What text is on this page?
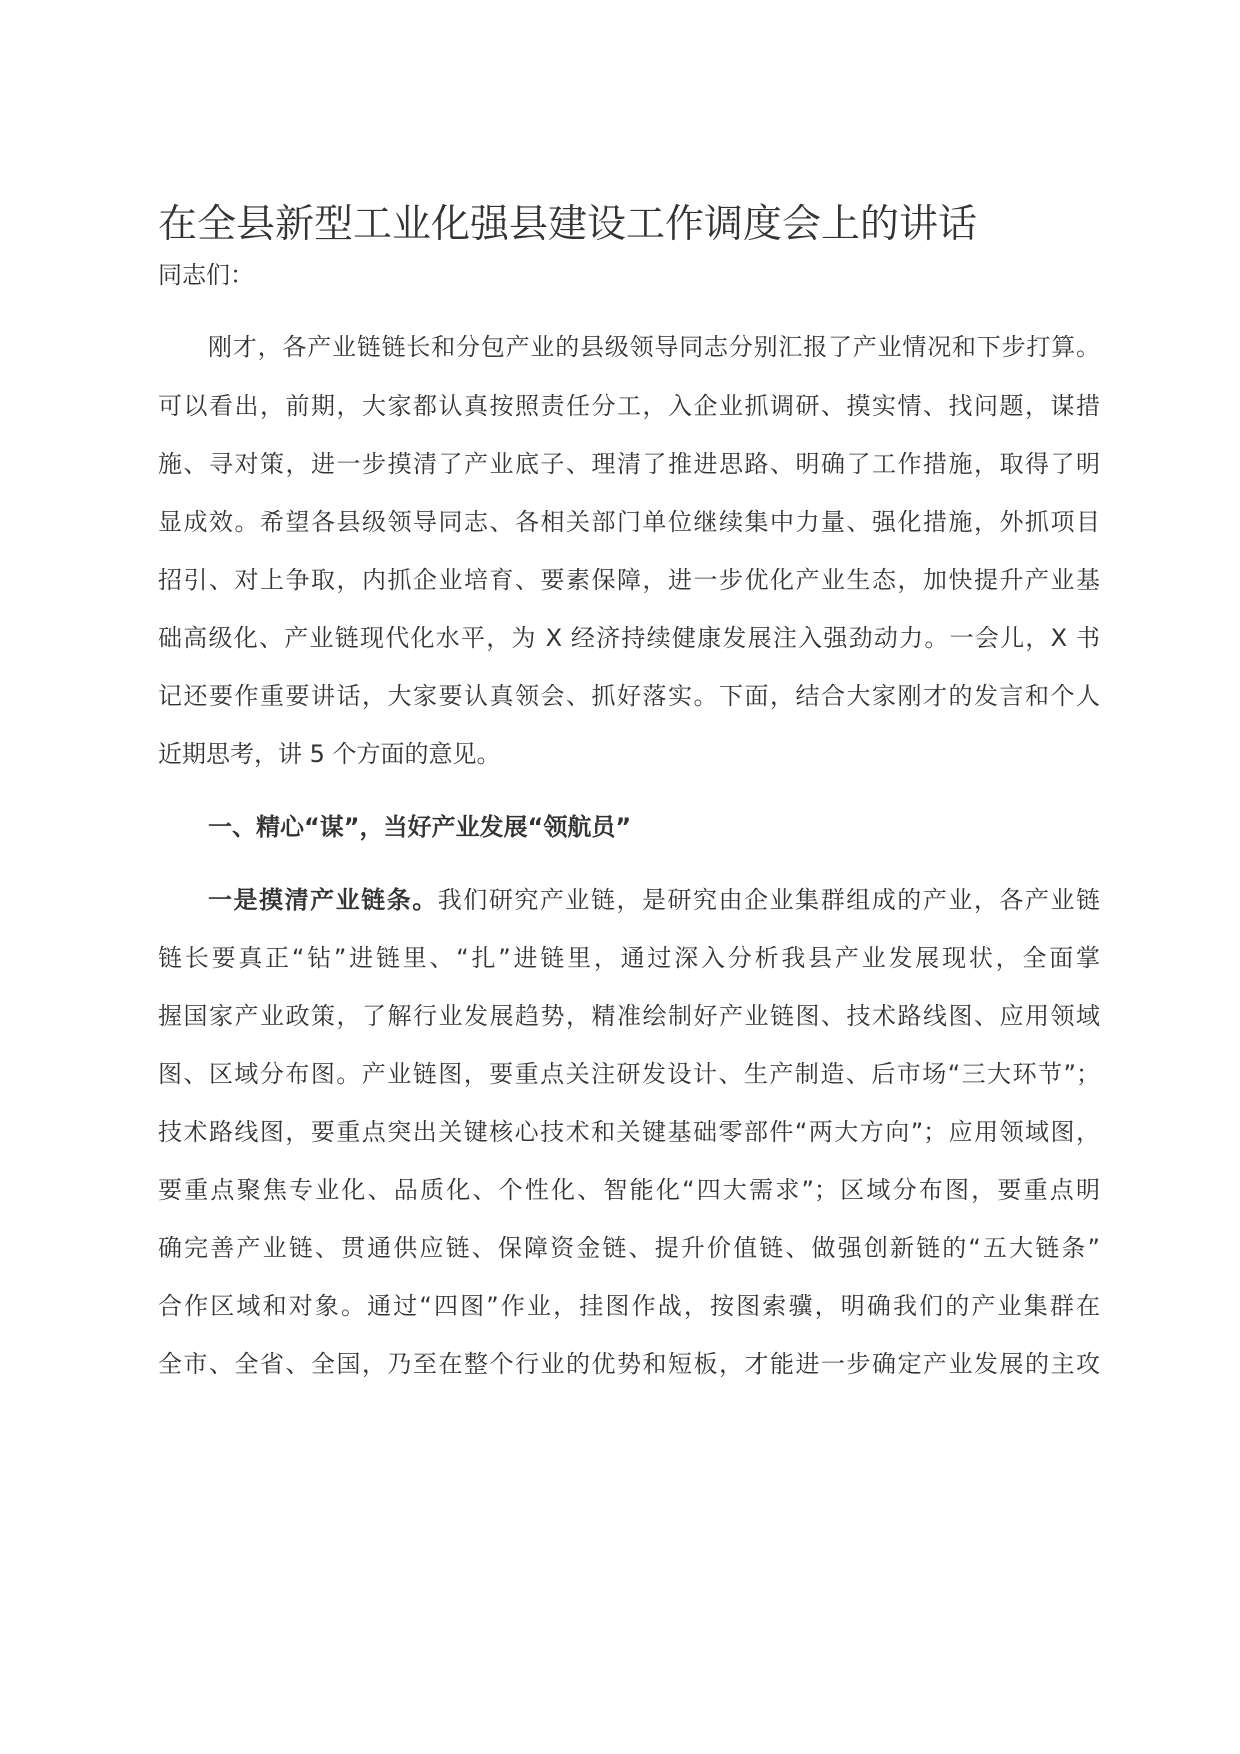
在全县新型工业化强县建设工作调度会上的讲话

同志们：

刚才，各产业链链长和分包产业的县级领导同志分别汇报了产业情况和下步打算。

可以看出，前期，大家都认真按照责任分工，入企业抓调研、摸实情、找问题，谋措

施、寻对策，进一步摸清了产业底子、理清了推进思路、明确了工作措施，取得了明

显成效。希望各县级领导同志、各相关部门单位继续集中力量、强化措施，外抓项目

招引、对上争取，内抓企业培育、要素保障，进一步优化产业生态，加快提升产业基

础高级化、产业链现代化水平，为 X 经济持续健康发展注入强劲动力。一会儿，X 书

记还要作重要讲话，大家要认真领会、抓好落实。下面，结合大家刚才的发言和个人

近期思考，讲 5 个方面的意见。

一、精心“谋”，当好产业发展“领航员”

一是摸清产业链条。我们研究产业链，是研究由企业集群组成的产业，各产业链

链长要真正“钻”进链里、“扎”进链里，通过深入分析我县产业发展现状，全面掌

握国家产业政策，了解行业发展趋势，精准绘制好产业链图、技术路线图、应用领域

图、区域分布图。产业链图，要重点关注研发设计、生产制造、后市场“三大环节”；

技术路线图，要重点突出关键核心技术和关键基础零部件“两大方向”；应用领域图，

要重点聚焦专业化、品质化、个性化、智能化“四大需求”；区域分布图，要重点明

确完善产业链、贯通供应链、保障资金链、提升价值链、做强创新链的“五大链条”

合作区域和对象。通过“四图”作业，挂图作战，按图索骥，明确我们的产业集群在

全市、全省、全国，乃至在整个行业的优势和短板，才能进一步确定产业发展的主攻
